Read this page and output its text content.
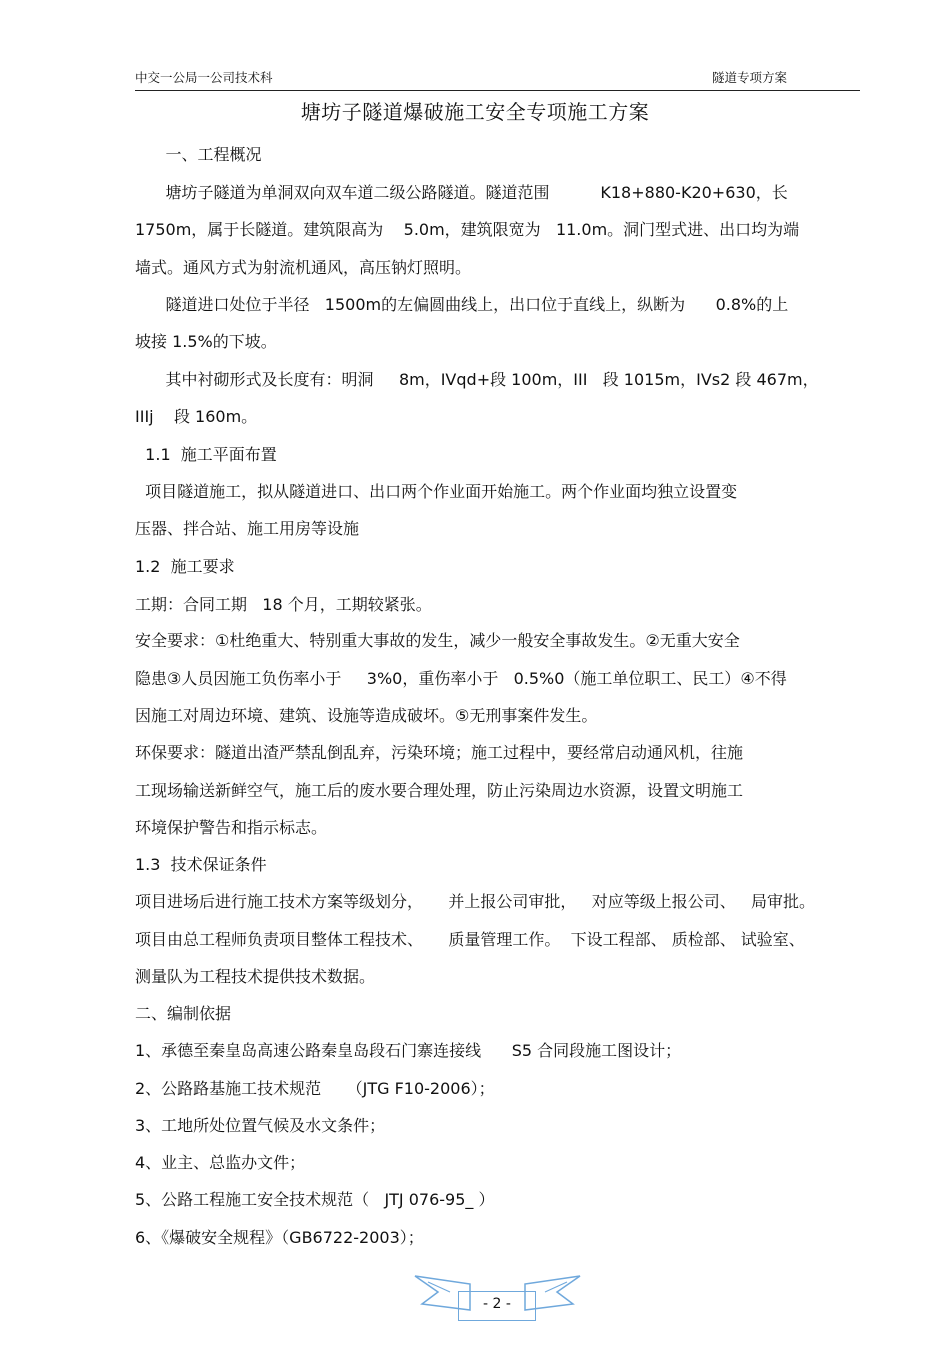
中交一公局一公司技术科	隧道专项方案
塘坊子隧道爆破施工安全专项施工方案
一、工程概况
塘坊子隧道为单洞双向双车道二级公路隧道。隧道范围          K18+880-K20+630，长
1750m，属于长隧道。建筑限高为    5.0m，建筑限宽为   11.0m。洞门型式进、出口均为端
墙式。通风方式为射流机通风，高压钠灯照明。
隧道进口处位于半径   1500m的左偏圆曲线上，出口位于直线上，纵断为      0.8%的上
坡接 1.5%的下坡。
其中衬砌形式及长度有：明洞     8m，IVqd+段 100m，III   段 1015m，IVs2 段 467m，
IIIj    段 160m。
1.1  施工平面布置
项目隧道施工，拟从隧道进口、出口两个作业面开始施工。两个作业面均独立设置变
压器、拌合站、施工用房等设施
1.2  施工要求
工期：合同工期   18 个月，工期较紧张。
安全要求：①杜绝重大、特别重大事故的发生，减少一般安全事故发生。②无重大安全
隐患③人员因施工负伤率小于     3%0，重伤率小于   0.5%0（施工单位职工、民工）④不得
因施工对周边环境、建筑、设施等造成破坏。⑤无刑事案件发生。
环保要求：隧道出渣严禁乱倒乱弃，污染环境；施工过程中，要经常启动通风机，往施
工现场输送新鲜空气，施工后的废水要合理处理，防止污染周边水资源，设置文明施工
环境保护警告和指示标志。
1.3  技术保证条件
项目进场后进行施工技术方案等级划分，     并上报公司审批，   对应等级上报公司、   局审批。
项目由总工程师负责项目整体工程技术、     质量管理工作。  下设工程部、 质检部、 试验室、
测量队为工程技术提供技术数据。
二、编制依据
1、承德至秦皇岛高速公路秦皇岛段石门寨连接线      S5 合同段施工图设计；
2、公路路基施工技术规范     （JTG F10-2006）；
3、工地所处位置气候及水文条件；
4、业主、总监办文件；
5、公路工程施工安全技术规范（   JTJ 076-95_ ）
6、《爆破安全规程》（GB6722-2003）；
- 2 -
